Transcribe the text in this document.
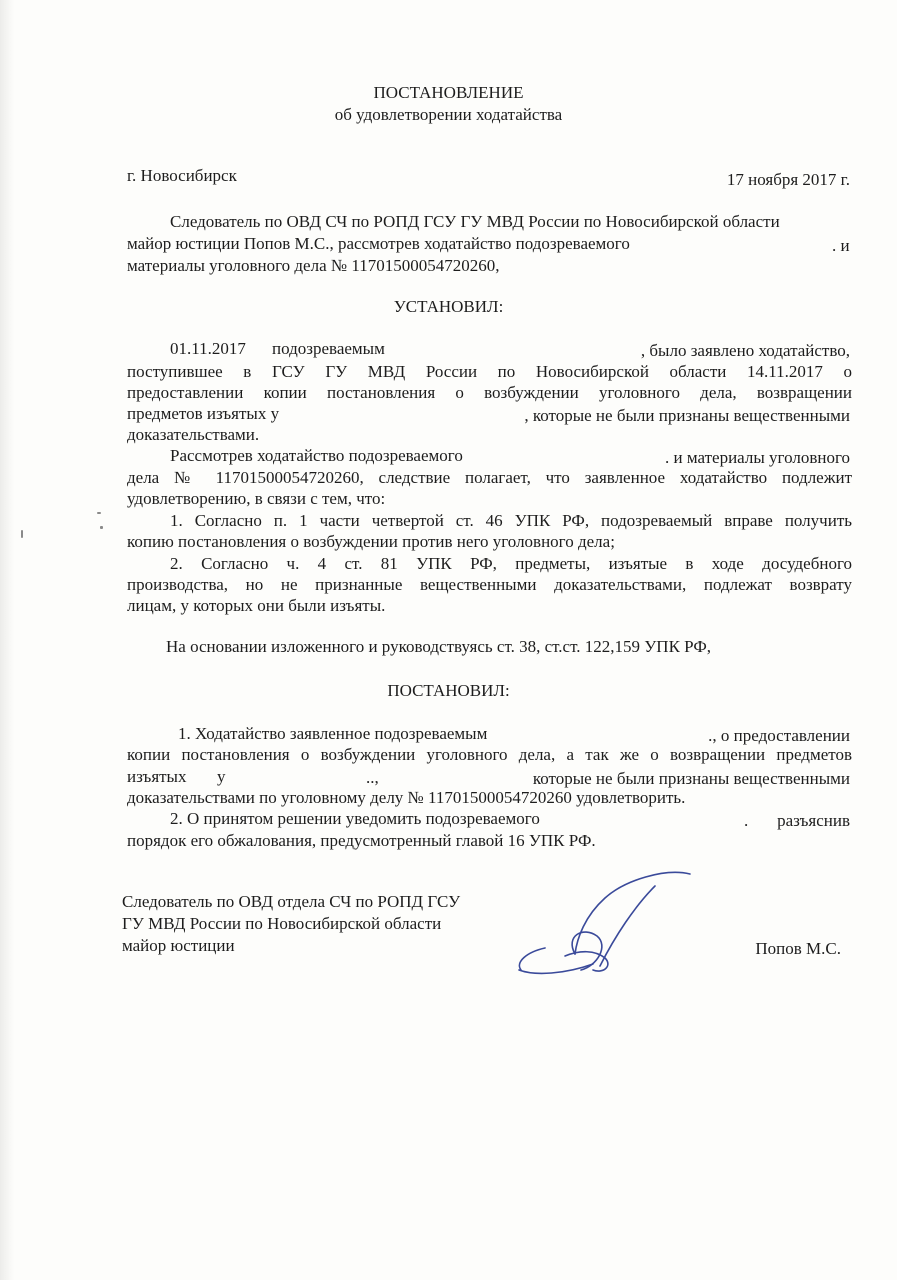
ПОСТАНОВЛЕНИЕ
об удовлетворении ходатайства
г. Новосибирск	17 ноября 2017 г.
Следователь по ОВД СЧ по РОПД ГСУ ГУ МВД России по Новосибирской области
майор юстиции Попов М.С., рассмотрев ходатайство подозреваемого	. и
материалы уголовного дела № 11701500054720260,
УСТАНОВИЛ:
01.11.2017 подозреваемым	, было заявлено ходатайство,
поступившее в ГСУ ГУ МВД России по Новосибирской области 14.11.2017 о
предоставлении копии постановления о возбуждении уголовного дела, возвращении
предметов изъятых у	, которые не были признаны вещественными
доказательствами.
Рассмотрев ходатайство подозреваемого	. и материалы уголовного
дела № 11701500054720260, следствие полагает, что заявленное ходатайство подлежит
удовлетворению, в связи с тем, что:
1. Согласно п. 1 части четвертой ст. 46 УПК РФ, подозреваемый вправе получить
копию постановления о возбуждении против него уголовного дела;
2. Согласно ч. 4 ст. 81 УПК РФ, предметы, изъятые в ходе досудебного
производства, но не признанные вещественными доказательствами, подлежат возврату
лицам, у которых они были изъяты.
На основании изложенного и руководствуясь ст. 38, ст.ст. 122,159 УПК РФ,
ПОСТАНОВИЛ:
1. Ходатайство заявленное подозреваемым	., о предоставлении
копии постановления о возбуждении уголовного дела, а так же о возвращении предметов
изъятых у	..,	которые не были признаны вещественными
доказательствами по уголовному делу № 11701500054720260 удовлетворить.
2. О принятом решении уведомить подозреваемого	. разъяснив
порядок его обжалования, предусмотренный главой 16 УПК РФ.
Следователь по ОВД отдела СЧ по РОПД ГСУ
ГУ МВД России по Новосибирской области
майор юстиции	Попов М.С.
